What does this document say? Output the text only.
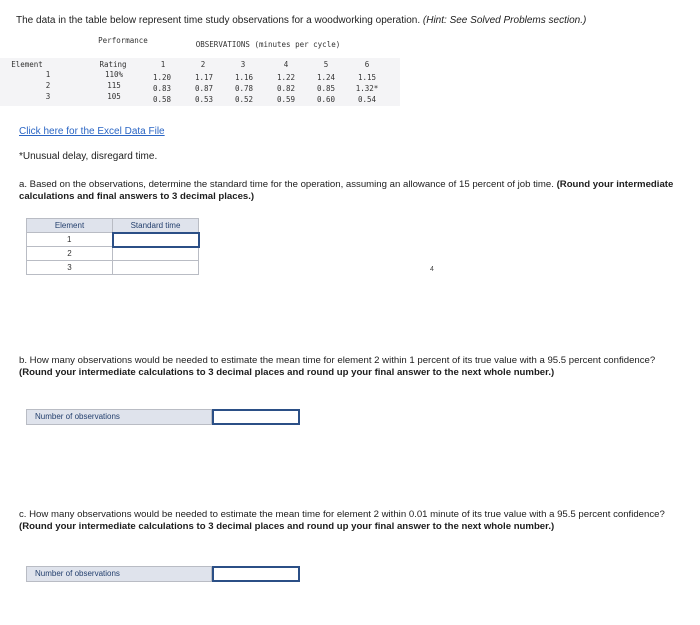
The data in the table below represent time study observations for a woodworking operation. (Hint: See Solved Problems section.)
Performance	OBSERVATIONS (minutes per cycle)
Element	Rating	1	2	3	4	5	6
1	110%	1.20	1.17	1.16	1.22	1.24	1.15
2	115	0.83	0.87	0.78	0.82	0.85	1.32*
3	105	0.58	0.53	0.52	0.59	0.60	0.54
Click here for the Excel Data File
*Unusual delay, disregard time.
a. Based on the observations, determine the standard time for the operation, assuming an allowance of 15 percent of job time. (Round your intermediate calculations and final answers to 3 decimal places.)
Element	Standard time
1	
2	
3		4
b. How many observations would be needed to estimate the mean time for element 2 within 1 percent of its true value with a 95.5 percent confidence? (Round your intermediate calculations to 3 decimal places and round up your final answer to the next whole number.)
Number of observations
c. How many observations would be needed to estimate the mean time for element 2 within 0.01 minute of its true value with a 95.5 percent confidence? (Round your intermediate calculations to 3 decimal places and round up your final answer to the next whole number.)
Number of observations
